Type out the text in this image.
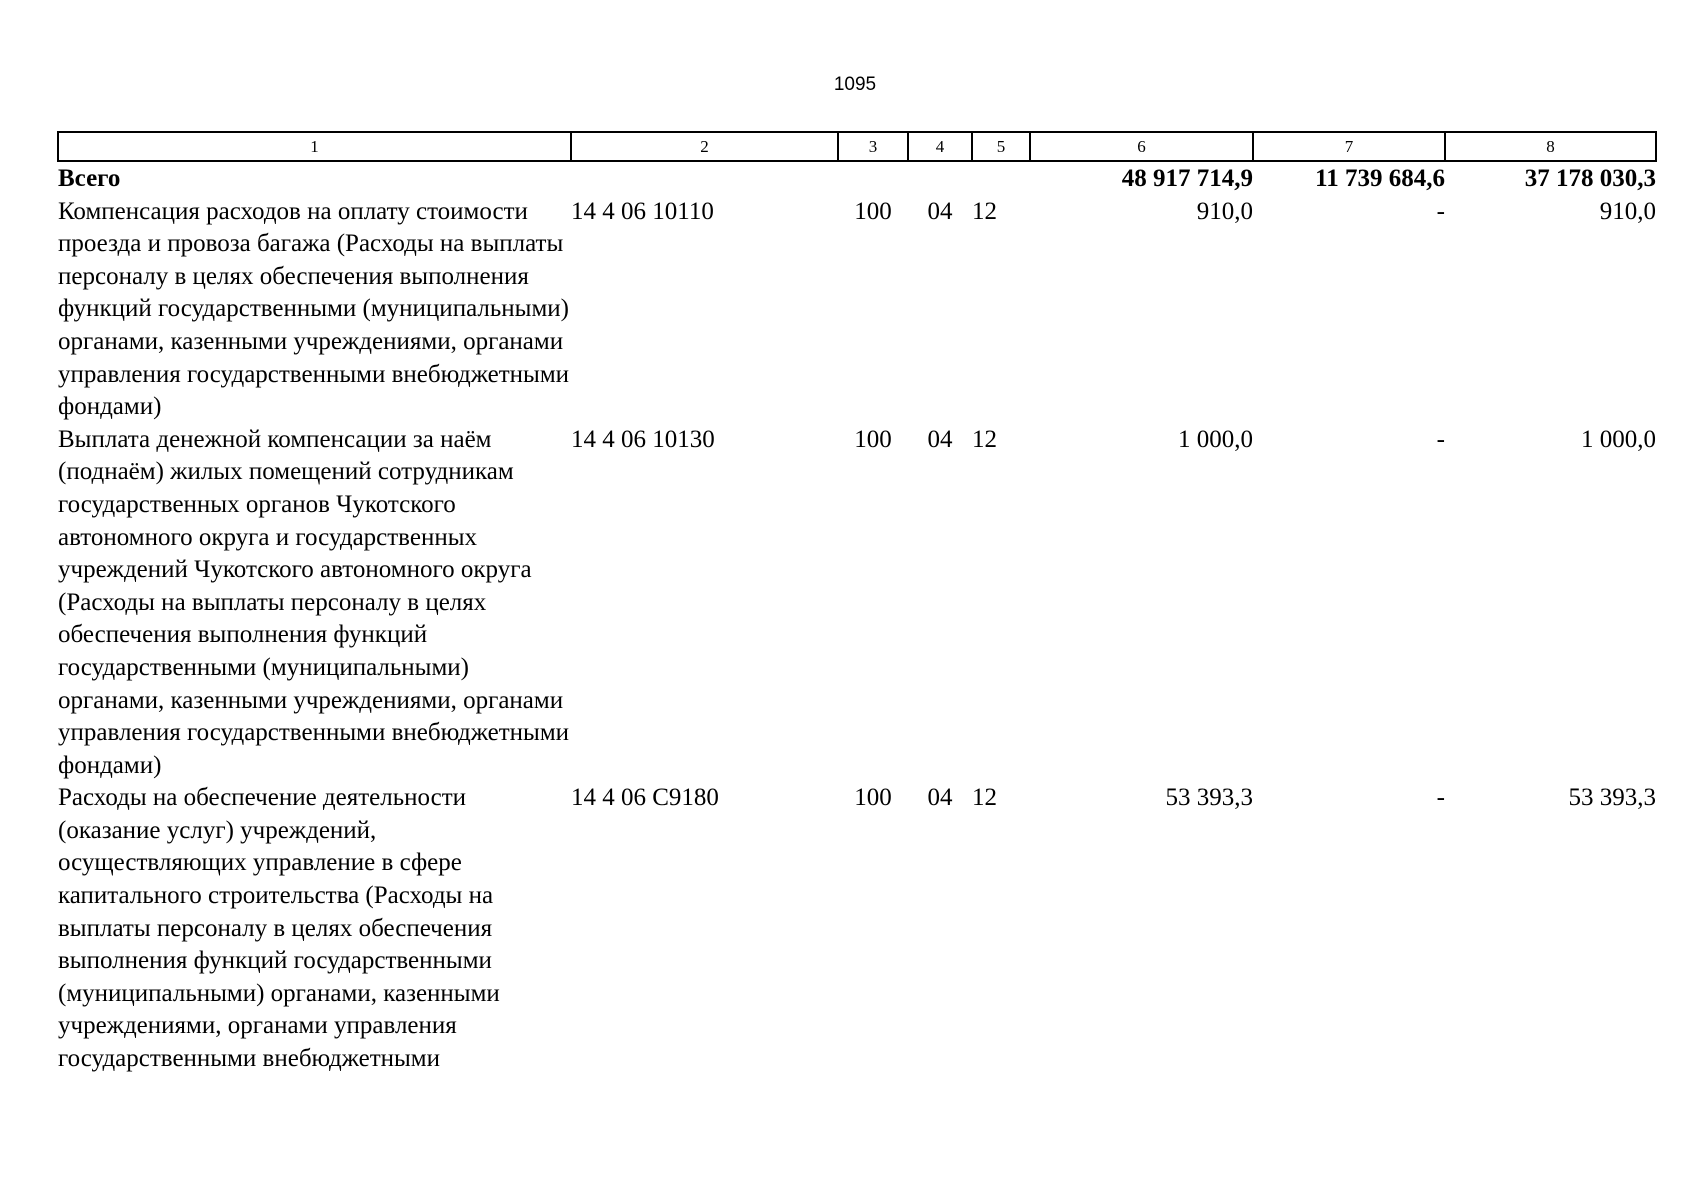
1095
1	2	3	4	5	6	7	8
Всего					48 917 714,9	11 739 684,6	37 178 030,3
Компенсация расходов на оплату стоимости проезда и провоза багажа (Расходы на выплаты персоналу в целях обеспечения выполнения функций государственными (муниципальными) органами, казенными учреждениями, органами управления государственными внебюджетными фондами)	14 4 06 10110	100	04	12	910,0	-	910,0
Выплата денежной компенсации за наём (поднаём) жилых помещений сотрудникам государственных органов Чукотского автономного округа и государственных учреждений Чукотского автономного округа (Расходы на выплаты персоналу в целях обеспечения выполнения функций государственными (муниципальными) органами, казенными учреждениями, органами управления государственными внебюджетными фондами)	14 4 06 10130	100	04	12	1 000,0	-	1 000,0
Расходы на обеспечение деятельности (оказание услуг) учреждений, осуществляющих управление в сфере капитального строительства (Расходы на выплаты персоналу в целях обеспечения выполнения функций государственными (муниципальными) органами, казенными учреждениями, органами управления государственными внебюджетными	14 4 06 С9180	100	04	12	53 393,3	-	53 393,3
